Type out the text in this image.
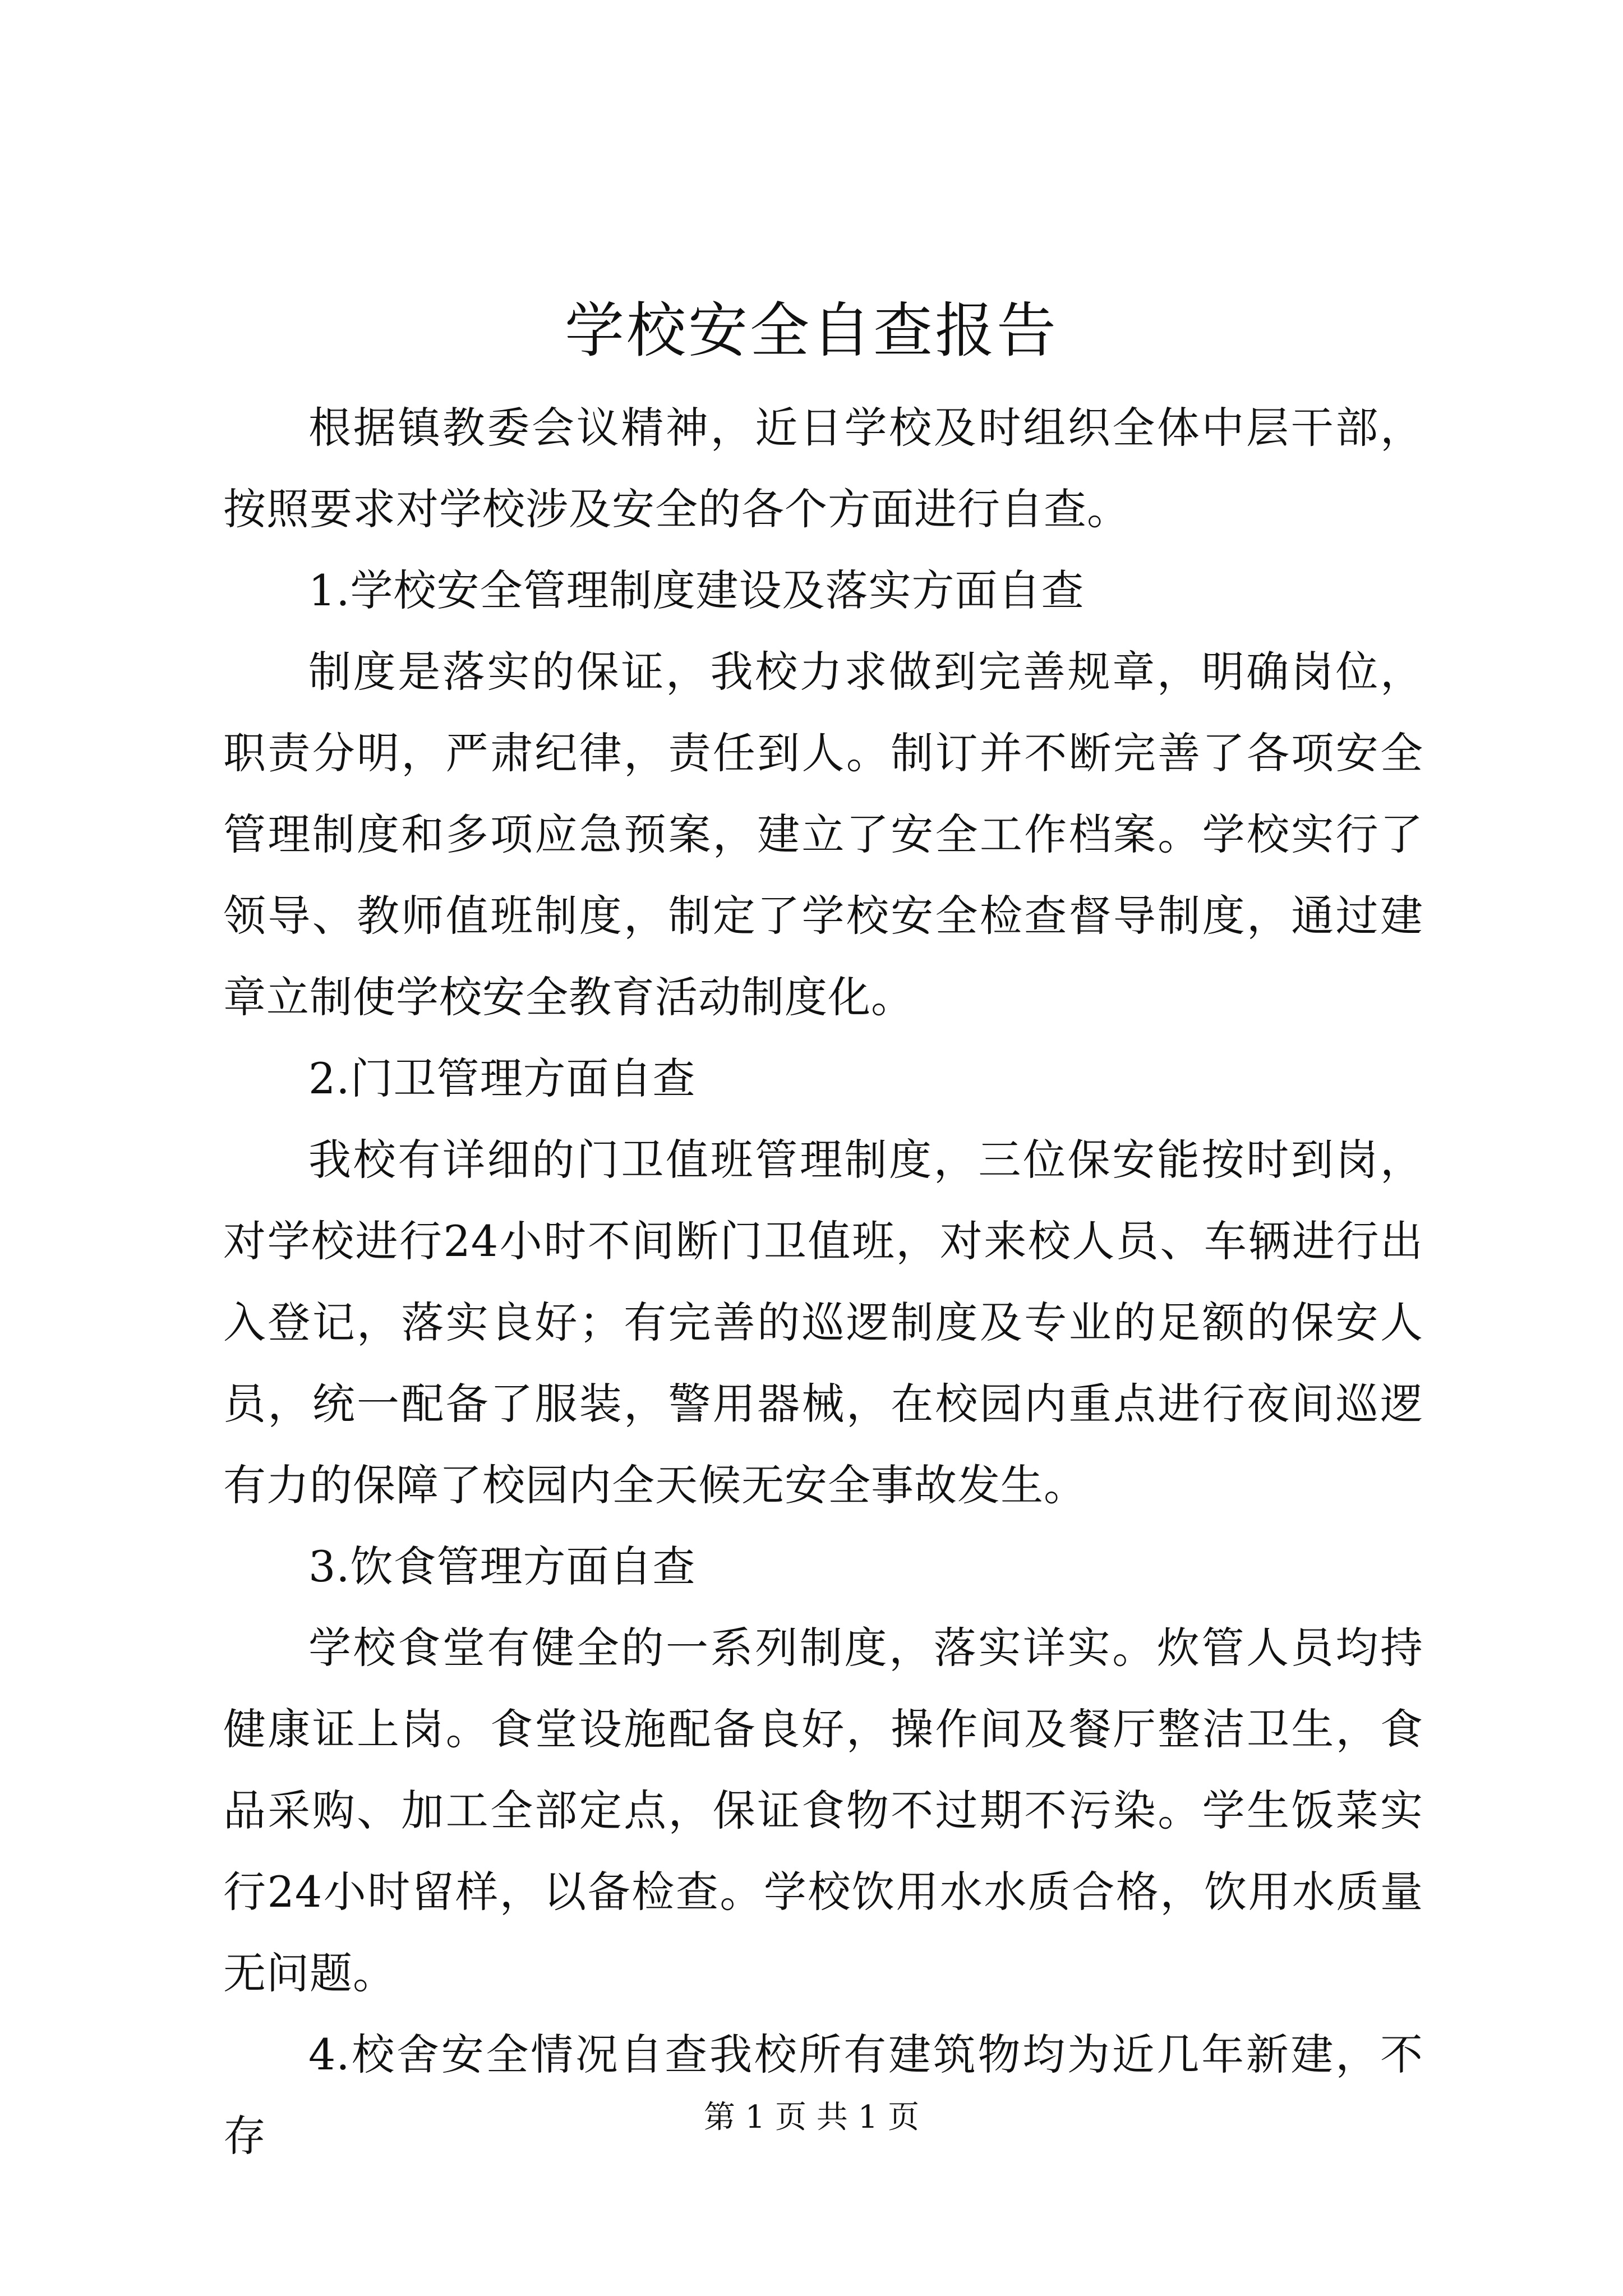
学校安全自查报告

根据镇教委会议精神，近日学校及时组织全体中层干部，按照要求对学校涉及安全的各个方面进行自查。

1.学校安全管理制度建设及落实方面自查

制度是落实的保证，我校力求做到完善规章，明确岗位，职责分明，严肃纪律，责任到人。制订并不断完善了各项安全管理制度和多项应急预案，建立了安全工作档案。学校实行了领导、教师值班制度，制定了学校安全检查督导制度，通过建章立制使学校安全教育活动制度化。

2.门卫管理方面自查

我校有详细的门卫值班管理制度，三位保安能按时到岗，对学校进行24小时不间断门卫值班，对来校人员、车辆进行出入登记，落实良好；有完善的巡逻制度及专业的足额的保安人员，统一配备了服装，警用器械，在校园内重点进行夜间巡逻有力的保障了校园内全天候无安全事故发生。

3.饮食管理方面自查

学校食堂有健全的一系列制度，落实详实。炊管人员均持健康证上岗。食堂设施配备良好，操作间及餐厅整洁卫生，食品采购、加工全部定点，保证食物不过期不污染。学生饭菜实行24小时留样，以备检查。学校饮用水水质合格，饮用水质量无问题。

4.校舍安全情况自查我校所有建筑物均为近几年新建，不存	第 1 页 共 1 页
